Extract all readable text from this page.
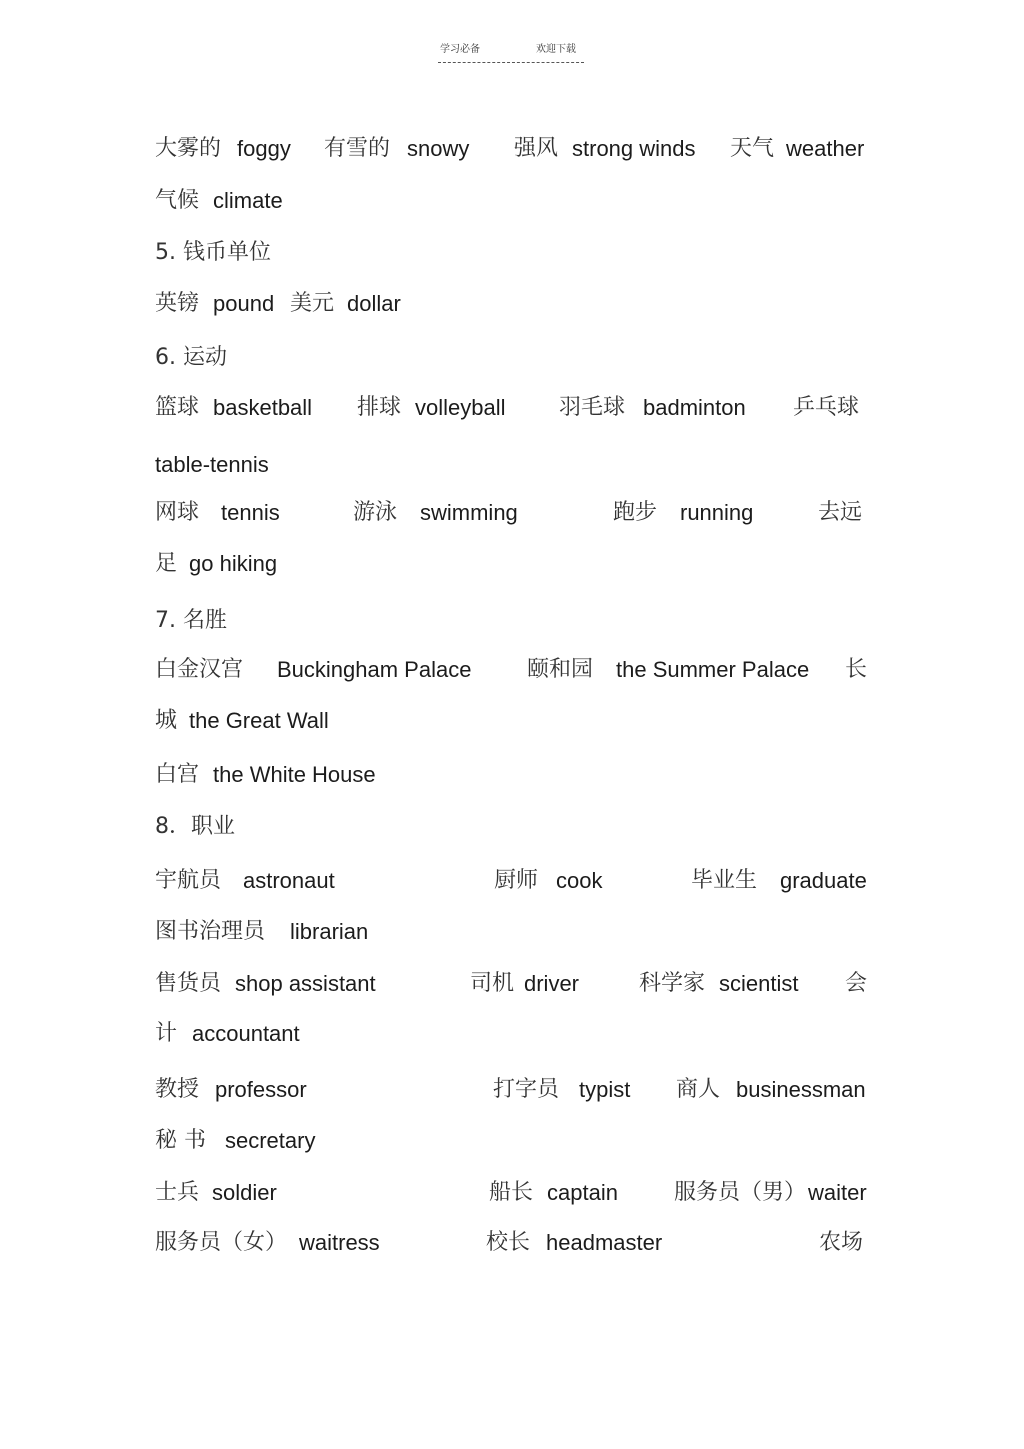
学习必备	欢迎下载
大雾的 foggy 有雪的 snowy 强风 strong winds 天气 weather
气候 climate
5. 钱币单位
英镑 pound 美元 dollar
6. 运动
篮球 basketball 排球 volleyball 羽毛球 badminton 乒乓球
table-tennis
网球 tennis	游泳 swimming	跑步 running	去远
足 go hiking
7. 名胜
白金汉宫 Buckingham Palace	颐和园 the Summer Palace 长
城 the Great Wall
白宫 the White House
8．职业
宇航员 astronaut	厨师 cook	毕业生 graduate
图书治理员 librarian
售货员 shop assistant	司机 driver	科学家 scientist 会
计 accountant
教授 professor	打字员 typist 商人 businessman
秘 书 secretary
士兵 soldier	船长 captain	服务员（男） waiter
服务员（女） waitress	校长 headmaster	农场
